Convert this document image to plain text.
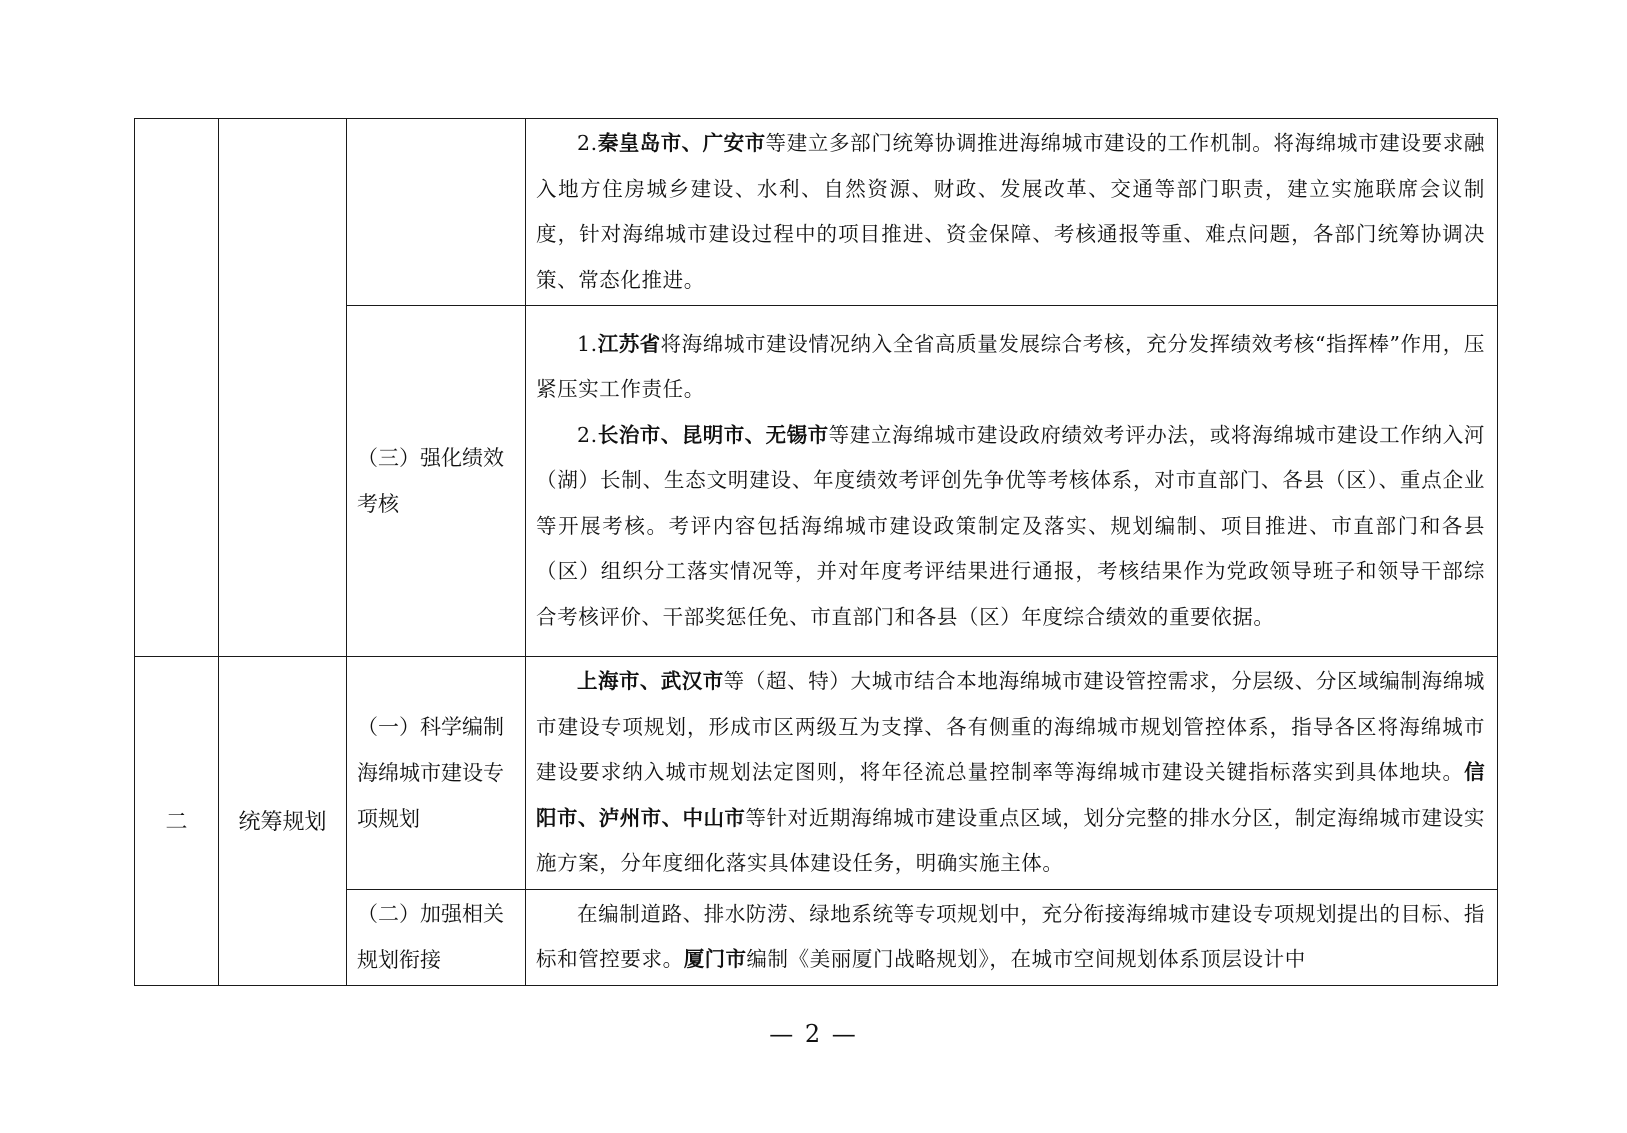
			2.秦皇岛市、广安市等建立多部门统筹协调推进海绵城市建设的工作机制。将海绵城市建设要求融入地方住房城乡建设、水利、自然资源、财政、发展改革、交通等部门职责，建立实施联席会议制度，针对海绵城市建设过程中的项目推进、资金保障、考核通报等重、难点问题，各部门统筹协调决策、常态化推进。

		（三）强化绩效考核	1.江苏省将海绵城市建设情况纳入全省高质量发展综合考核，充分发挥绩效考核“指挥棒”作用，压紧压实工作责任。

2.长治市、昆明市、无锡市等建立海绵城市建设政府绩效考评办法，或将海绵城市建设工作纳入河（湖）长制、生态文明建设、年度绩效考评创先争优等考核体系，对市直部门、各县（区）、重点企业等开展考核。考评内容包括海绵城市建设政策制定及落实、规划编制、项目推进、市直部门和各县（区）组织分工落实情况等，并对年度考评结果进行通报，考核结果作为党政领导班子和领导干部综合考核评价、干部奖惩任免、市直部门和各县（区）年度综合绩效的重要依据。

二	统筹规划	（一）科学编制海绵城市建设专项规划	上海市、武汉市等（超、特）大城市结合本地海绵城市建设管控需求，分层级、分区域编制海绵城市建设专项规划，形成市区两级互为支撑、各有侧重的海绵城市规划管控体系，指导各区将海绵城市建设要求纳入城市规划法定图则，将年径流总量控制率等海绵城市建设关键指标落实到具体地块。信阳市、泸州市、中山市等针对近期海绵城市建设重点区域，划分完整的排水分区，制定海绵城市建设实施方案，分年度细化落实具体建设任务，明确实施主体。

		（二）加强相关规划衔接	在编制道路、排水防涝、绿地系统等专项规划中，充分衔接海绵城市建设专项规划提出的目标、指标和管控要求。厦门市编制《美丽厦门战略规划》，在城市空间规划体系顶层设计中

— 2 —
